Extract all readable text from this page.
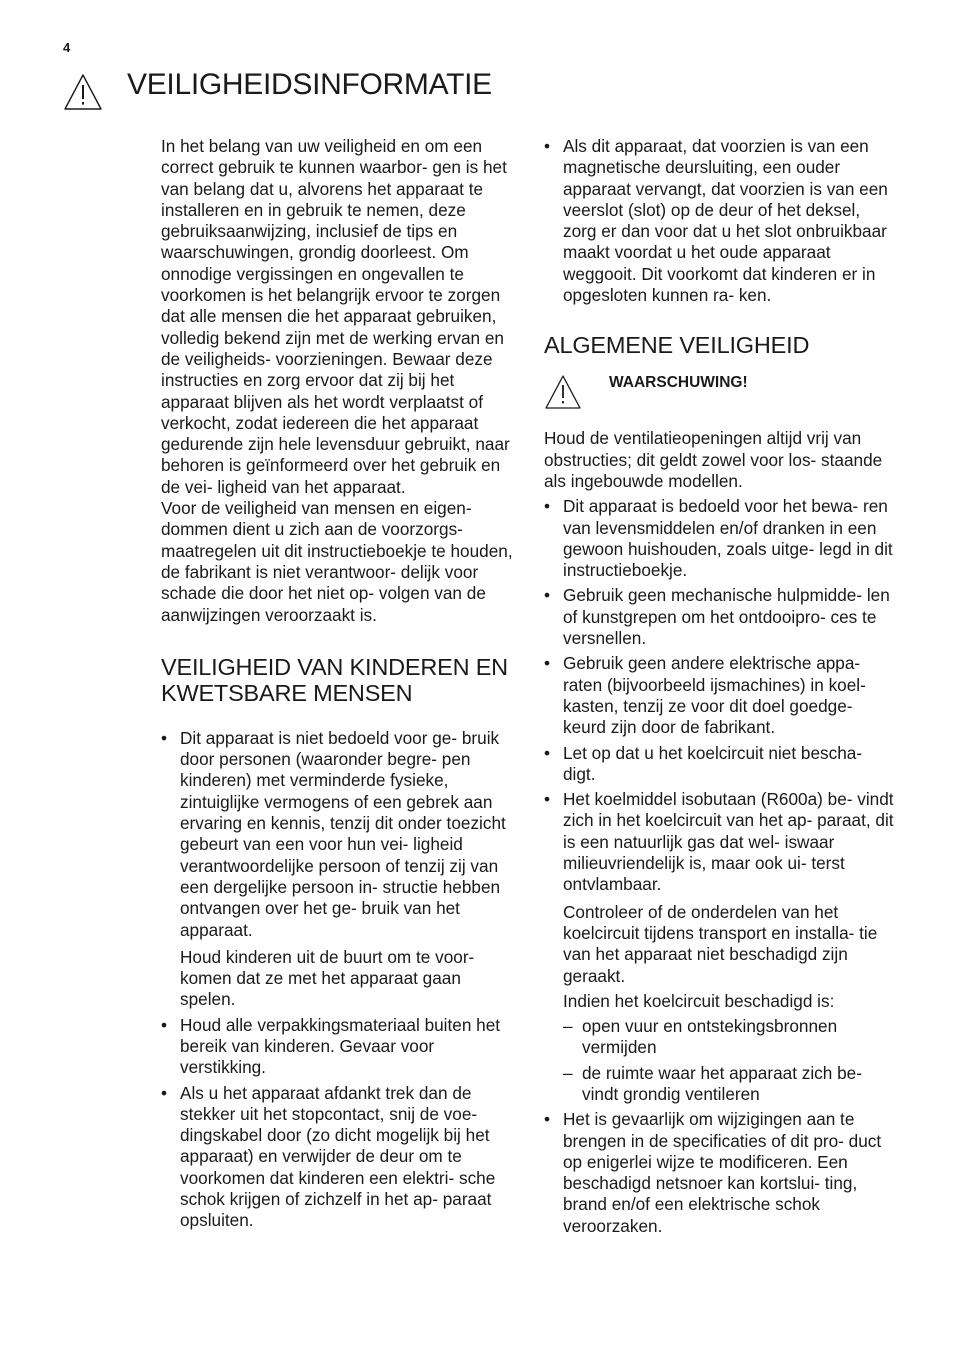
4
VEILIGHEIDSINFORMATIE

In het belang van uw veiligheid en om een correct gebruik te kunnen waarbor- gen is het van belang dat u, alvorens het apparaat te installeren en in gebruik te nemen, deze gebruiksaanwijzing, inclusief de tips en waarschuwingen, grondig doorleest. Om onnodige vergissingen en ongevallen te voorkomen is het belangrijk ervoor te zorgen dat alle mensen die het apparaat gebruiken, volledig bekend zijn met de werking ervan en de veiligheids- voorzieningen. Bewaar deze instructies en zorg ervoor dat zij bij het apparaat blijven als het wordt verplaatst of verkocht, zodat iedereen die het apparaat gedurende zijn hele levensduur gebruikt, naar behoren is geïnformeerd over het gebruik en de vei- ligheid van het apparaat.

Voor de veiligheid van mensen en eigen- dommen dient u zich aan de voorzorgs- maatregelen uit dit instructieboekje te houden, de fabrikant is niet verantwoor- delijk voor schade die door het niet op- volgen van de aanwijzingen veroorzaakt is.

VEILIGHEID VAN KINDEREN EN KWETSBARE MENSEN

• Dit apparaat is niet bedoeld voor ge- bruik door personen (waaronder begre- pen kinderen) met verminderde fysieke, zintuiglijke vermogens of een gebrek aan ervaring en kennis, tenzij dit onder toezicht gebeurt van een voor hun vei- ligheid verantwoordelijke persoon of tenzij zij van een dergelijke persoon in- structie hebben ontvangen over het ge- bruik van het apparaat.

Houd kinderen uit de buurt om te voor- komen dat ze met het apparaat gaan spelen.

• Houd alle verpakkingsmateriaal buiten het bereik van kinderen. Gevaar voor verstikking.

• Als u het apparaat afdankt trek dan de stekker uit het stopcontact, snij de voe- dingskabel door (zo dicht mogelijk bij het apparaat) en verwijder de deur om te voorkomen dat kinderen een elektri- sche schok krijgen of zichzelf in het ap- paraat opsluiten.

• Als dit apparaat, dat voorzien is van een magnetische deursluiting, een ouder apparaat vervangt, dat voorzien is van een veerslot (slot) op de deur of het deksel, zorg er dan voor dat u het slot onbruikbaar maakt voordat u het oude apparaat weggooit. Dit voorkomt dat kinderen er in opgesloten kunnen ra- ken.

ALGEMENE VEILIGHEID
WAARSCHUWING!

Houd de ventilatieopeningen altijd vrij van obstructies; dit geldt zowel voor los- staande als ingebouwde modellen.

• Dit apparaat is bedoeld voor het bewa- ren van levensmiddelen en/of dranken in een gewoon huishouden, zoals uitge- legd in dit instructieboekje.

• Gebruik geen mechanische hulpmidde- len of kunstgrepen om het ontdooipro- ces te versnellen.

• Gebruik geen andere elektrische appa- raten (bijvoorbeeld ijsmachines) in koel- kasten, tenzij ze voor dit doel goedge- keurd zijn door de fabrikant.

• Let op dat u het koelcircuit niet bescha- digt.

• Het koelmiddel isobutaan (R600a) be- vindt zich in het koelcircuit van het ap- paraat, dit is een natuurlijk gas dat wel- iswaar milieuvriendelijk is, maar ook ui- terst ontvlambaar.

Controleer of de onderdelen van het koelcircuit tijdens transport en installa- tie van het apparaat niet beschadigd zijn geraakt.

Indien het koelcircuit beschadigd is:

– open vuur en ontstekingsbronnen vermijden

– de ruimte waar het apparaat zich be- vindt grondig ventileren

• Het is gevaarlijk om wijzigingen aan te brengen in de specificaties of dit pro- duct op enigerlei wijze te modificeren. Een beschadigd netsnoer kan kortslui- ting, brand en/of een elektrische schok veroorzaken.
